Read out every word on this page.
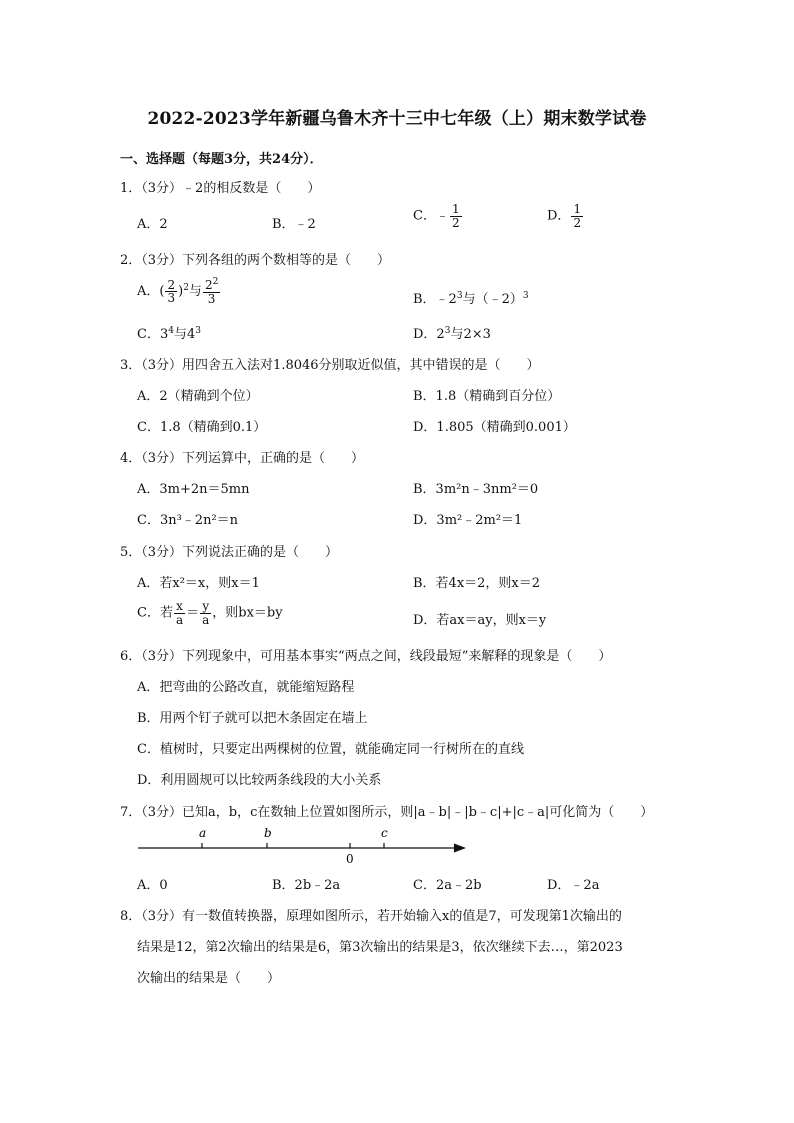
2022-2023学年新疆乌鲁木齐十三中七年级（上）期末数学试卷
一、选择题（每题3分，共24分）．
1．（3分）﹣2的相反数是（　　）
A．2	B．﹣2
C．﹣ $\frac{1}{2}$	D． $\frac{1}{2}$
2．（3分）下列各组的两个数相等的是（　　）
A．( $\frac{2}{3} )^2$与 $\frac{2^2}{3}$	B．$﹣2^3$与（﹣2）$^3$
C．$3^4$与$4^3$	D．$2^3$与2×3
3．（3分）用四舍五入法对1.8046分别取近似值，其中错误的是（　　）
A．2（精确到个位）	B．1.8（精确到百分位）
C．1.8（精确到0.1）	D．1.805（精确到0.001）
4．（3分）下列运算中，正确的是（　　）
A．3m+2n＝5mn	B．3m²n﹣3nm²＝0
C．3n³﹣2n²＝n	D．3m²﹣2m²＝1
5．（3分）下列说法正确的是（　　）
A．若x²＝x，则x＝1	B．若4x＝2，则x＝2
C．若 $\frac{x}{a} = \frac{y}{a}$ ，则bx＝by	D．若ax＝ay，则x＝y
6．（3分）下列现象中，可用基本事实“两点之间，线段最短”来解释的现象是（　　）
A．把弯曲的公路改直，就能缩短路程
B．用两个钉子就可以把木条固定在墙上
C．植树时，只要定出两棵树的位置，就能确定同一行树所在的直线
D．利用圆规可以比较两条线段的大小关系
7．（3分）已知a，b，c在数轴上位置如图所示，则|a﹣b|﹣|b﹣c|+|c﹣a|可化简为（　　）
a	b
0
c
A．0	B．2b﹣2a	C．2a﹣2b	D．﹣2a
8．（3分）有一数值转换器，原理如图所示，若开始输入x的值是7，可发现第1次输出的
结果是12，第2次输出的结果是6，第3次输出的结果是3，依次继续下去…，第2023
次输出的结果是（　　）
